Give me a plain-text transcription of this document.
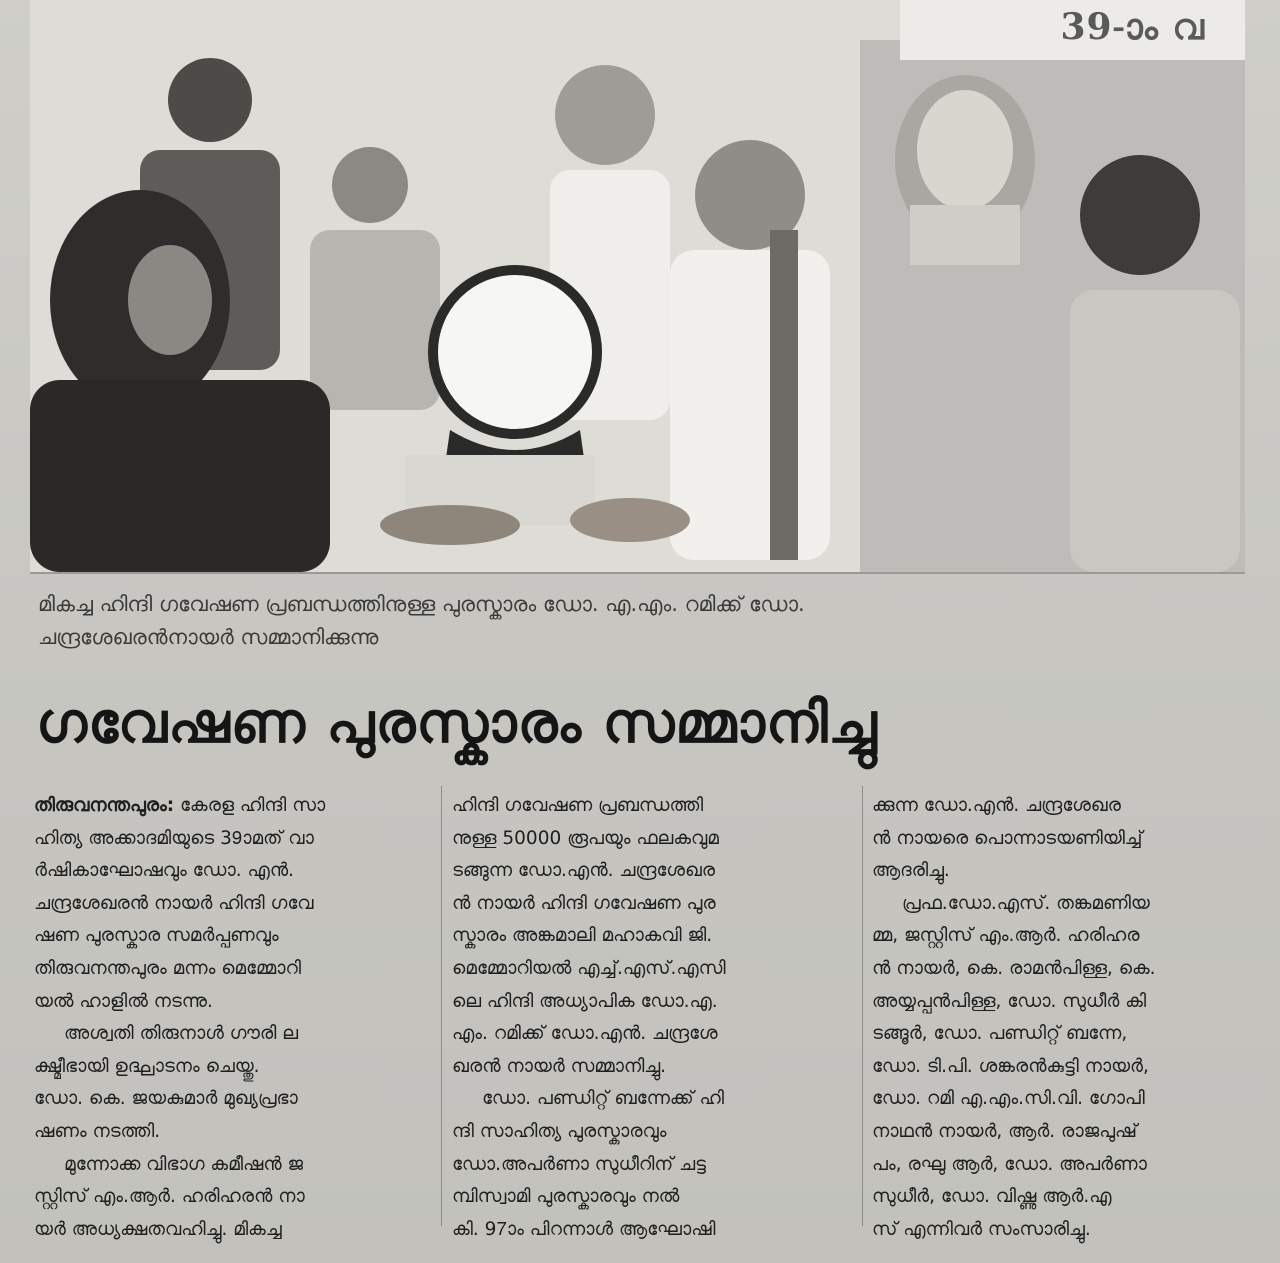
39-ാം വ
മികച്ച ഹിന്ദി ഗവേഷണ പ്രബന്ധത്തിനുള്ള പുരസ്കാരം ഡോ. എ.എം. റമിക്ക് ഡോ.
ചന്ദ്രശേഖരൻനായർ സമ്മാനിക്കുന്നു
ഗവേഷണ പുരസ്കാരം സമ്മാനിച്ചു
തിരുവനന്തപുരം: കേരള ഹിന്ദി സാ
ഹിത്യ അക്കാദമിയുടെ 39ാമത് വാ
ർഷികാഘോഷവും ഡോ. എൻ.
ചന്ദ്രശേഖരൻ നായർ ഹിന്ദി ഗവേ
ഷണ പുരസ്കാര സമർപ്പണവും
തിരുവനന്തപുരം മന്നം മെമ്മോറി
യൽ ഹാളിൽ നടന്നു.
അശ്വതി തിരുനാൾ ഗൗരി ല
ക്ഷ്മീഭായി ഉദ്ഘാടനം ചെയ്തു.
ഡോ. കെ. ജയകുമാർ മുഖ്യപ്രഭാ
ഷണം നടത്തി.
മുന്നോക്ക വിഭാഗ കമീഷൻ ജ
സ്റ്റിസ് എം.ആർ. ഹരിഹരൻ നാ
യർ അധ്യക്ഷതവഹിച്ചു. മികച്ച
ഹിന്ദി ഗവേഷണ പ്രബന്ധത്തി
നുള്ള 50000 രൂപയും ഫലകവുമ
ടങ്ങുന്ന ഡോ.എൻ. ചന്ദ്രശേഖര
ൻ നായർ ഹിന്ദി ഗവേഷണ പുര
സ്കാരം അങ്കമാലി മഹാകവി ജി.
മെമ്മോറിയൽ എച്ച്.എസ്.എസി
ലെ ഹിന്ദി അധ്യാപിക ഡോ.എ.
എം. റമിക്ക് ഡോ.എൻ. ചന്ദ്രശേ
ഖരൻ നായർ സമ്മാനിച്ചു.
ഡോ. പണ്ഡിറ്റ് ബന്നേക്ക് ഹി
ന്ദി സാഹിത്യ പുരസ്കാരവും
ഡോ.അപർണാ സുധീറിന് ചട്ട
മ്പിസ്വാമി പുരസ്കാരവും നൽ
കി. 97ാം പിറന്നാൾ ആഘോഷി
ക്കുന്ന ഡോ.എൻ. ചന്ദ്രശേഖര
ൻ നായരെ പൊന്നാടയണിയിച്ച്
ആദരിച്ചു.
പ്രഫ.ഡോ.എസ്. തങ്കമണിയ
മ്മ, ജസ്റ്റിസ് എം.ആർ. ഹരിഹര
ൻ നായർ, കെ. രാമൻപിള്ള, കെ.
അയ്യപ്പൻപിള്ള, ഡോ. സുധീർ കി
ടങ്ങൂർ, ഡോ. പണ്ഡിറ്റ് ബന്നേ,
ഡോ. ടി.പി. ശങ്കരൻകുട്ടി നായർ,
ഡോ. റമി എ.എം.സി.വി. ഗോപി
നാഥൻ നായർ, ആർ. രാജപുഷ്
പം, രഘു ആർ, ഡോ. അപർണാ
സുധീർ, ഡോ. വിഷ്ണു ആർ.എ
സ് എന്നിവർ സംസാരിച്ചു.
